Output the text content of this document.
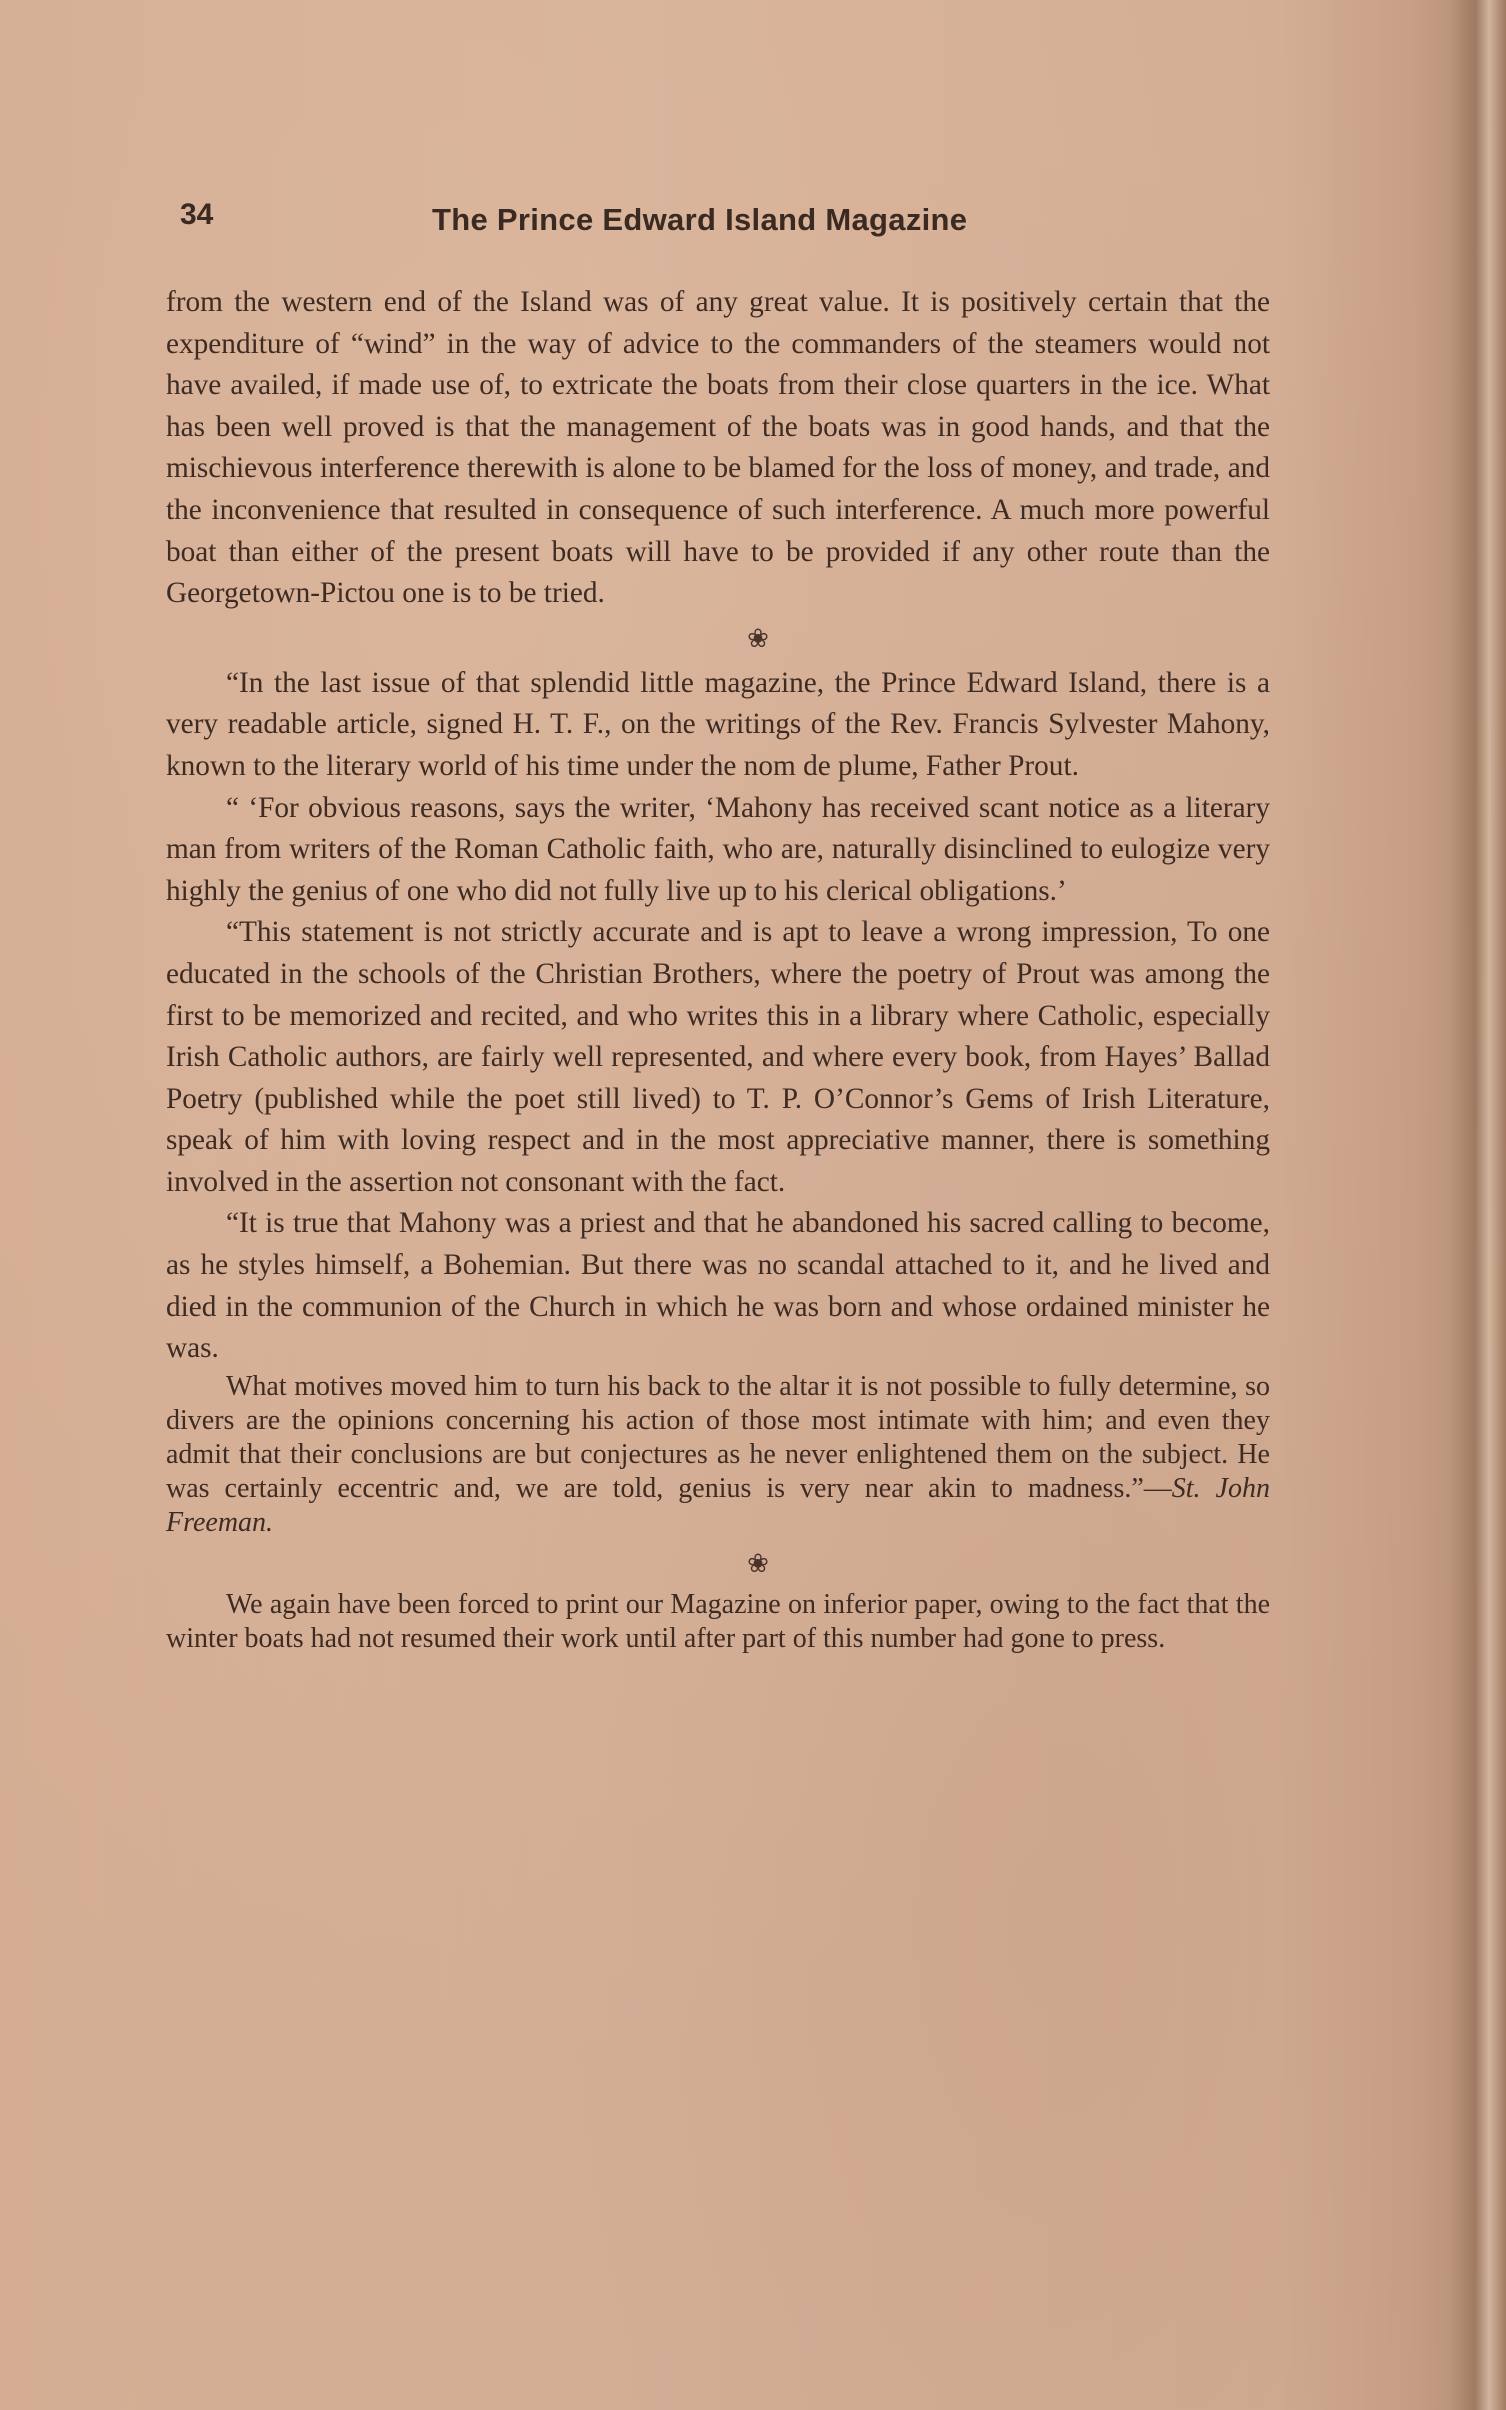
34	The Prince Edward Island Magazine

from the western end of the Island was of any great value. It is positively certain that the expenditure of “wind” in the way of advice to the commanders of the steamers would not have availed, if made use of, to extricate the boats from their close quarters in the ice. What has been well proved is that the management of the boats was in good hands, and that the mischievous interference therewith is alone to be blamed for the loss of money, and trade, and the inconvenience that resulted in consequence of such interference. A much more powerful boat than either of the present boats will have to be provided if any other route than the Georgetown-Pictou one is to be tried.

❀

“In the last issue of that splendid little magazine, the Prince Edward Island, there is a very readable article, signed H. T. F., on the writings of the Rev. Francis Sylvester Mahony, known to the literary world of his time under the nom de plume, Father Prout.

“ ‘For obvious reasons, says the writer, ‘Mahony has received scant notice as a literary man from writers of the Roman Catholic faith, who are, naturally disinclined to eulogize very highly the genius of one who did not fully live up to his clerical obligations.’

“This statement is not strictly accurate and is apt to leave a wrong impression, To one educated in the schools of the Christian Brothers, where the poetry of Prout was among the first to be memorized and recited, and who writes this in a library where Catholic, especially Irish Catholic authors, are fairly well represented, and where every book, from Hayes’ Ballad Poetry (published while the poet still lived) to T. P. O’Connor’s Gems of Irish Literature, speak of him with loving respect and in the most appreciative manner, there is something involved in the assertion not consonant with the fact.

“It is true that Mahony was a priest and that he abandoned his sacred calling to become, as he styles himself, a Bohemian. But there was no scandal attached to it, and he lived and died in the communion of the Church in which he was born and whose ordained minister he was.

What motives moved him to turn his back to the altar it is not possible to fully determine, so divers are the opinions concerning his action of those most intimate with him; and even they admit that their conclusions are but conjectures as he never enlightened them on the subject. He was certainly eccentric and, we are told, genius is very near akin to madness.”—St. John Freeman.

❀

We again have been forced to print our Magazine on inferior paper, owing to the fact that the winter boats had not resumed their work until after part of this number had gone to press.
